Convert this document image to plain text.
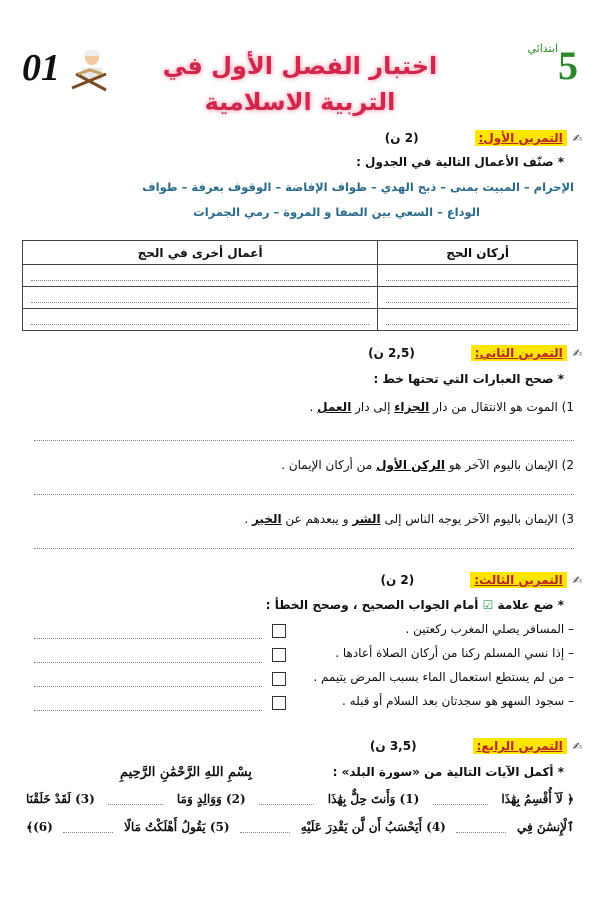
01	$5^{ابتدائي}$
اختبار الفصل الأول في
التربية الاسلامية
✍
التمرين الأول:
(2 ن)
* صنّف الأعمال التالية في الجدول :
الإحرام – المبيت بمنى – ذبح الهدي – طواف الإفاضة – الوقوف بعرفة – طواف
الوداع – السعي بين الصفا و المروة – رمي الجمرات
أركان الحج	أعمال أخرى في الحج

✍
التمرين الثاني:
(2,5 ن)
* صحح العبارات التي تحتها خط :
1) الموت هو الانتقال من دار الجزاء إلى دار العمل .
2) الإيمان باليوم الآخر هو الركن الأول من أركان الإيمان .
3) الإيمان باليوم الآخر يوجه الناس إلى الشر و يبعدهم عن الخير .
✍
التمرين الثالث:
(2 ن)
* ضع علامة ☑ أمام الجواب الصحيح ، وصحح الخطأ :
– المسافر يصلي المغرب ركعتين .
– إذا نسي المسلم ركنا من أركان الصلاة أعادها .
– من لم يستطع استعمال الماء بسبب المرض يتيمم .
– سجود السهو هو سجدتان بعد السلام أو قبله .
✍
التمرين الرابع:
(3,5 ن)
* أكمل الآيات التالية من «سورة البلد» :
بِسْمِ اللهِ الرَّحْمَٰنِ الرَّحِيمِ
﴿ لَآ أُقْسِمُ بِهَٰذَا
(1) وَأَنتَ حِلٌّ بِهَٰذَا
(2) وَوَالِدٍ وَمَا
(3) لَقَدْ خَلَقْنَا
ٱلْإِنسَٰنَ فِي
(4) أَيَحْسَبُ أَن لَّن يَقْدِرَ عَلَيْهِ
(5) يَقُولُ أَهْلَكْتُ مَالًا
(6)﴾
